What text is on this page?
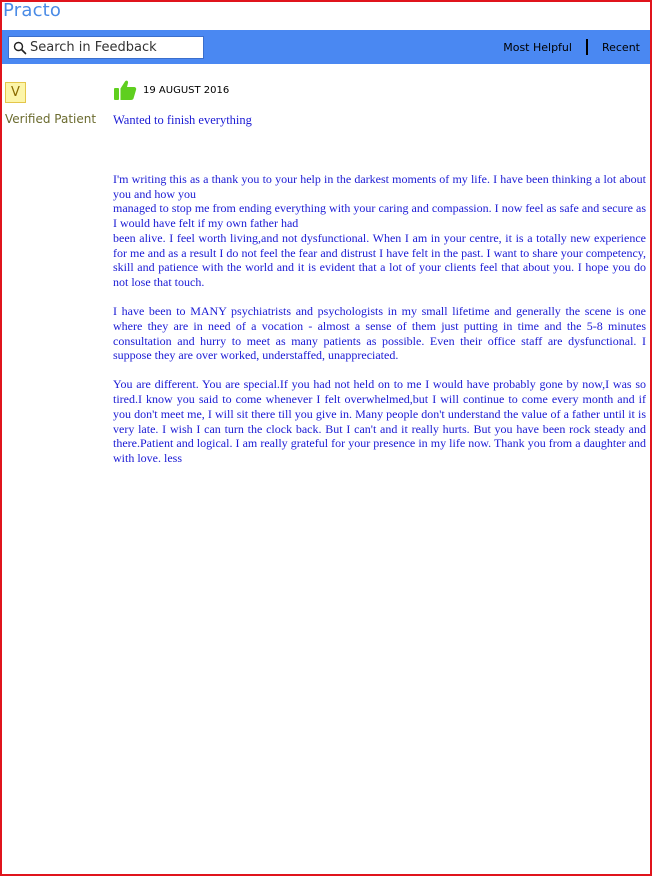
Practo
Search in Feedback
Most Helpful	Recent
V
Verified Patient
19 AUGUST 2016
Wanted to finish everything

I'm writing this as a thank you to your help in the darkest moments of my life. I have been thinking a lot about you and how you
managed to stop me from ending everything with your caring and compassion. I now feel as safe and secure as I would have felt if my own father had
been alive. I feel worth living,and not dysfunctional. When I am in your centre, it is a totally new experience for me and as a result I do not feel the fear and distrust I have felt in the past. I want to share your competency, skill and patience with the world and it is evident that a lot of your clients feel that about you. I hope you do not lose that touch.

I have been to MANY psychiatrists and psychologists in my small lifetime and generally the scene is one where they are in need of a vocation - almost a sense of them just putting in time and the 5-8 minutes consultation and hurry to meet as many patients as possible. Even their office staff are dysfunctional. I suppose they are over worked, understaffed, unappreciated.

You are different. You are special.If you had not held on to me I would have probably gone by now,I was so tired.I know you said to come whenever I felt overwhelmed,but I will continue to come every month and if you don't meet me, I will sit there till you give in. Many people don't understand the value of a father until it is very late. I wish I can turn the clock back. But I can't and it really hurts. But you have been rock steady and there.Patient and logical. I am really grateful for your presence in my life now. Thank you from a daughter and with love. less
